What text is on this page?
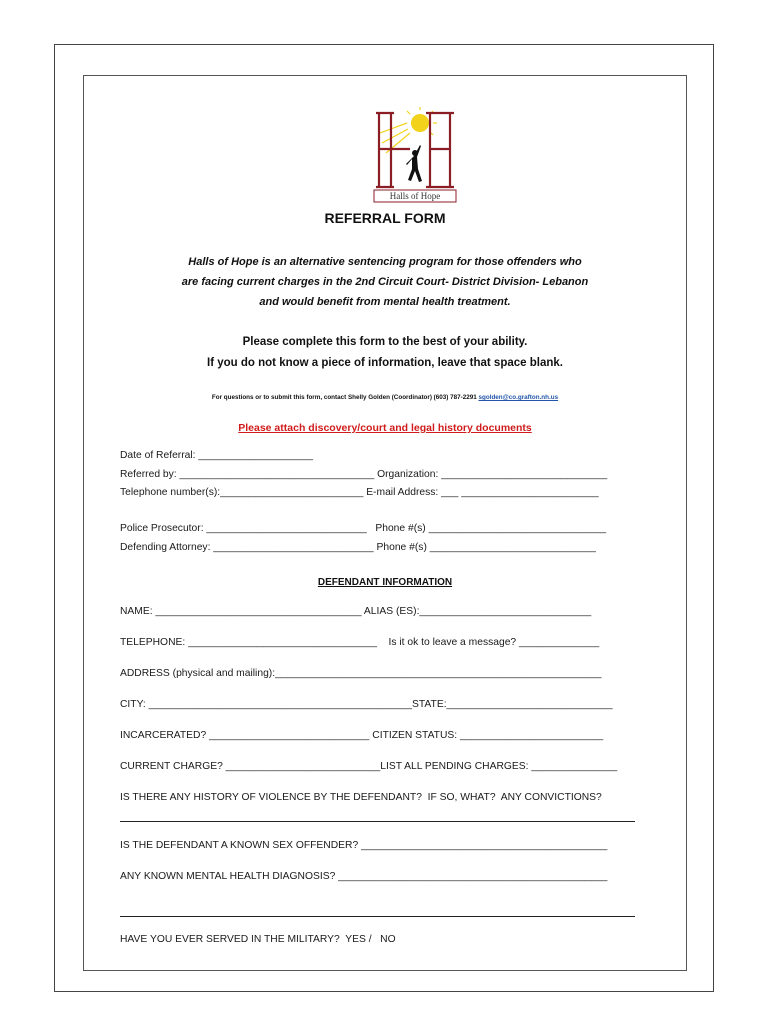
Halls of Hope
REFERRAL FORM
Halls of Hope is an alternative sentencing program for those offenders who
are facing current charges in the 2nd Circuit Court- District Division- Lebanon
and would benefit from mental health treatment.
Please complete this form to the best of your ability.
If you do not know a piece of information, leave that space blank.
For questions or to submit this form, contact Shelly Golden (Coordinator) (603) 787-2291 sgolden@co.grafton.nh.us
Please attach discovery/court and legal history documents
Date of Referral: ____________________
Referred by: __________________________________ Organization: _____________________________
Telephone number(s):_________________________ E-mail Address: ___ ________________________
Police Prosecutor: ____________________________   Phone #(s) _______________________________
Defending Attorney: ____________________________ Phone #(s) _____________________________
DEFENDANT INFORMATION
NAME: ____________________________________ ALIAS (ES):______________________________
TELEPHONE: _________________________________    Is it ok to leave a message? ______________
ADDRESS (physical and mailing):_________________________________________________________
CITY: ______________________________________________STATE:_____________________________
INCARCERATED? ____________________________ CITIZEN STATUS: _________________________
CURRENT CHARGE? ___________________________LIST ALL PENDING CHARGES: _______________
IS THERE ANY HISTORY OF VIOLENCE BY THE DEFENDANT?  IF SO, WHAT?  ANY CONVICTIONS?
IS THE DEFENDANT A KNOWN SEX OFFENDER? ___________________________________________
ANY KNOWN MENTAL HEALTH DIAGNOSIS? _______________________________________________
HAVE YOU EVER SERVED IN THE MILITARY?  YES /   NO
